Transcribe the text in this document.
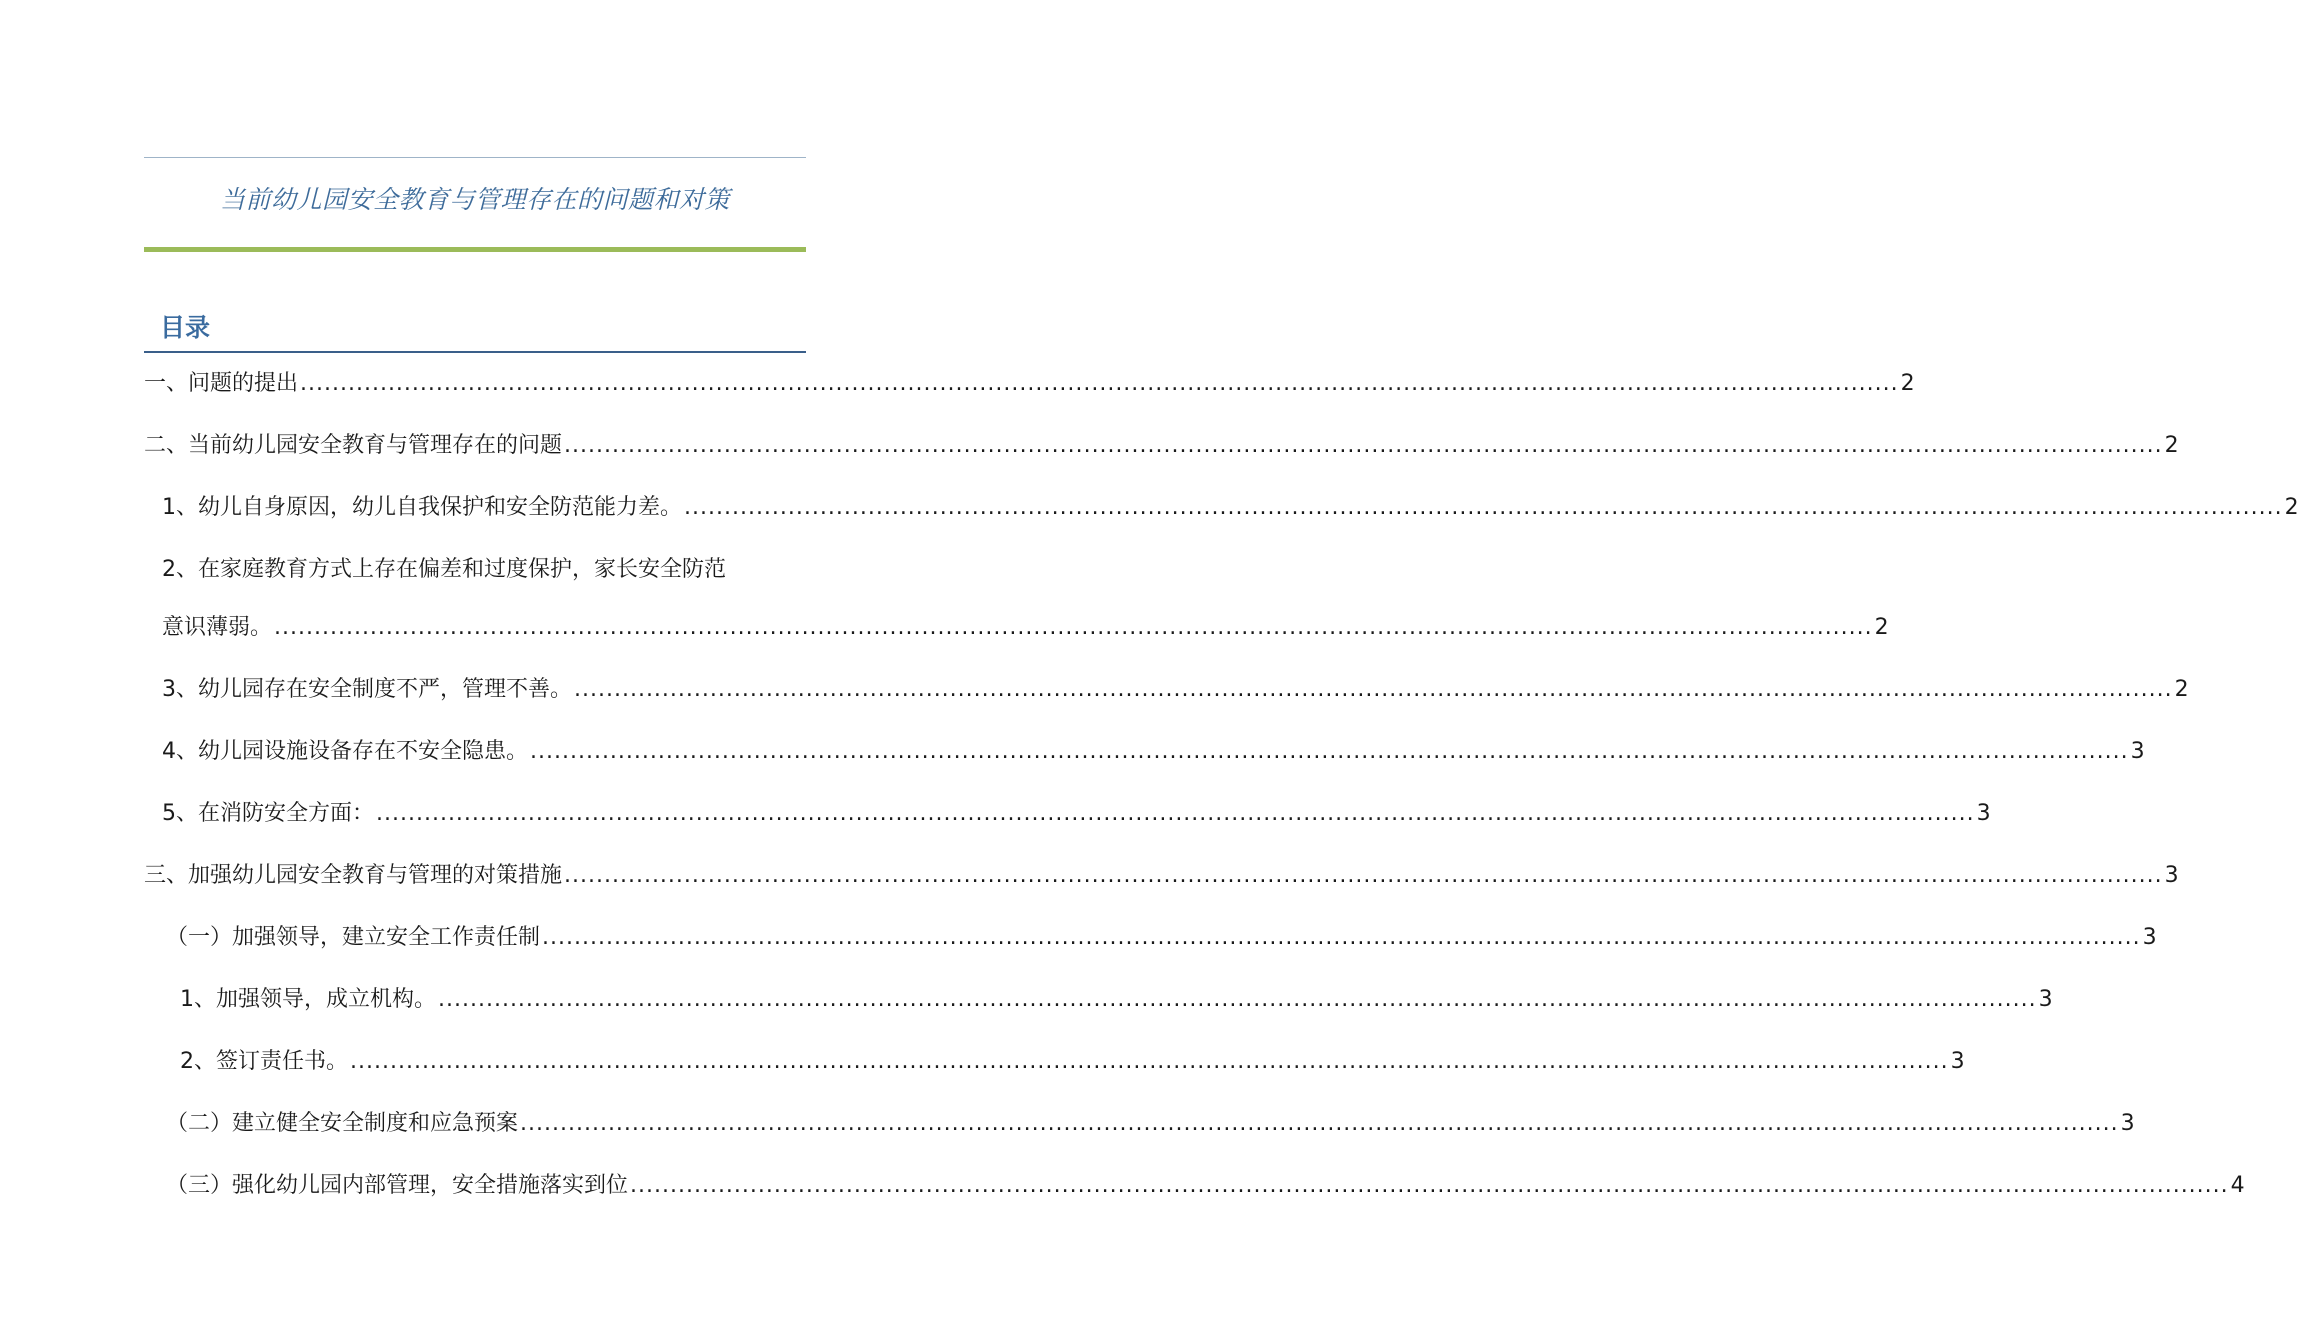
当前幼儿园安全教育与管理存在的问题和对策
目录
一、问题的提出 ........................................................................................................................................................................................................ 2
二、当前幼儿园安全教育与管理存在的问题 ........................................................................................................................................................................................................ 2
1、幼儿自身原因，幼儿自我保护和安全防范能力差。 ........................................................................................................................................................................................................ 2
2、在家庭教育方式上存在偏差和过度保护，家长安全防范
意识薄弱。 ........................................................................................................................................................................................................ 2
3、幼儿园存在安全制度不严，管理不善。 ........................................................................................................................................................................................................ 2
4、幼儿园设施设备存在不安全隐患。 ........................................................................................................................................................................................................ 3
5、在消防安全方面： ........................................................................................................................................................................................................ 3
三、加强幼儿园安全教育与管理的对策措施 ........................................................................................................................................................................................................ 3
（一）加强领导，建立安全工作责任制 ........................................................................................................................................................................................................ 3
1、加强领导，成立机构。 ........................................................................................................................................................................................................ 3
2、签订责任书。 ........................................................................................................................................................................................................ 3
（二）建立健全安全制度和应急预案 ........................................................................................................................................................................................................ 3
（三）强化幼儿园内部管理，安全措施落实到位 ........................................................................................................................................................................................................ 4
